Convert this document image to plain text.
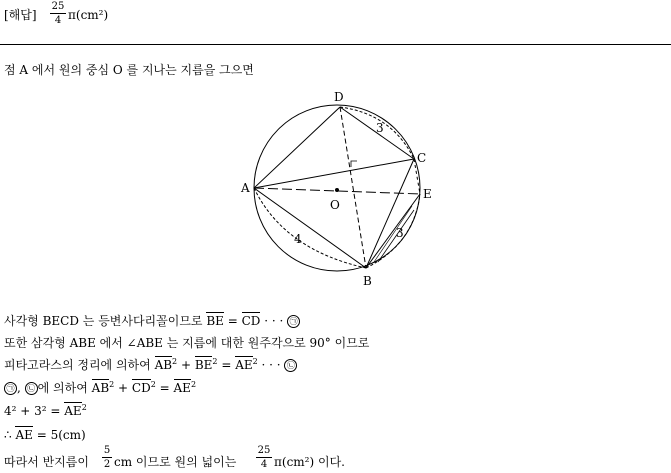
[해답]
25
4 π(cm²)
점 A 에서 원의 중심 O 를 지나는 지름을 그으면
D
C
A	E
O
B
3
4	3
사각형 BECD 는 등변사다리꼴이므로 BE = CD · · · ㉠
또한 삼각형 ABE 에서 ∠ABE 는 지름에 대한 원주각으로 90° 이므로
피타고라스의 정리에 의하여 $AB^2 + BE^2 = AE^2$ · · · ㉡
㉠ , ㉡ 에 의하여 $AB^2 + CD^2 = AE^2$
$4^2 + 3^2 = AE^2$
∴ AE = 5(cm)
따라서 반지름이
5
2 cm 이므로 원의 넓이는
25
4 π(cm²) 이다.
